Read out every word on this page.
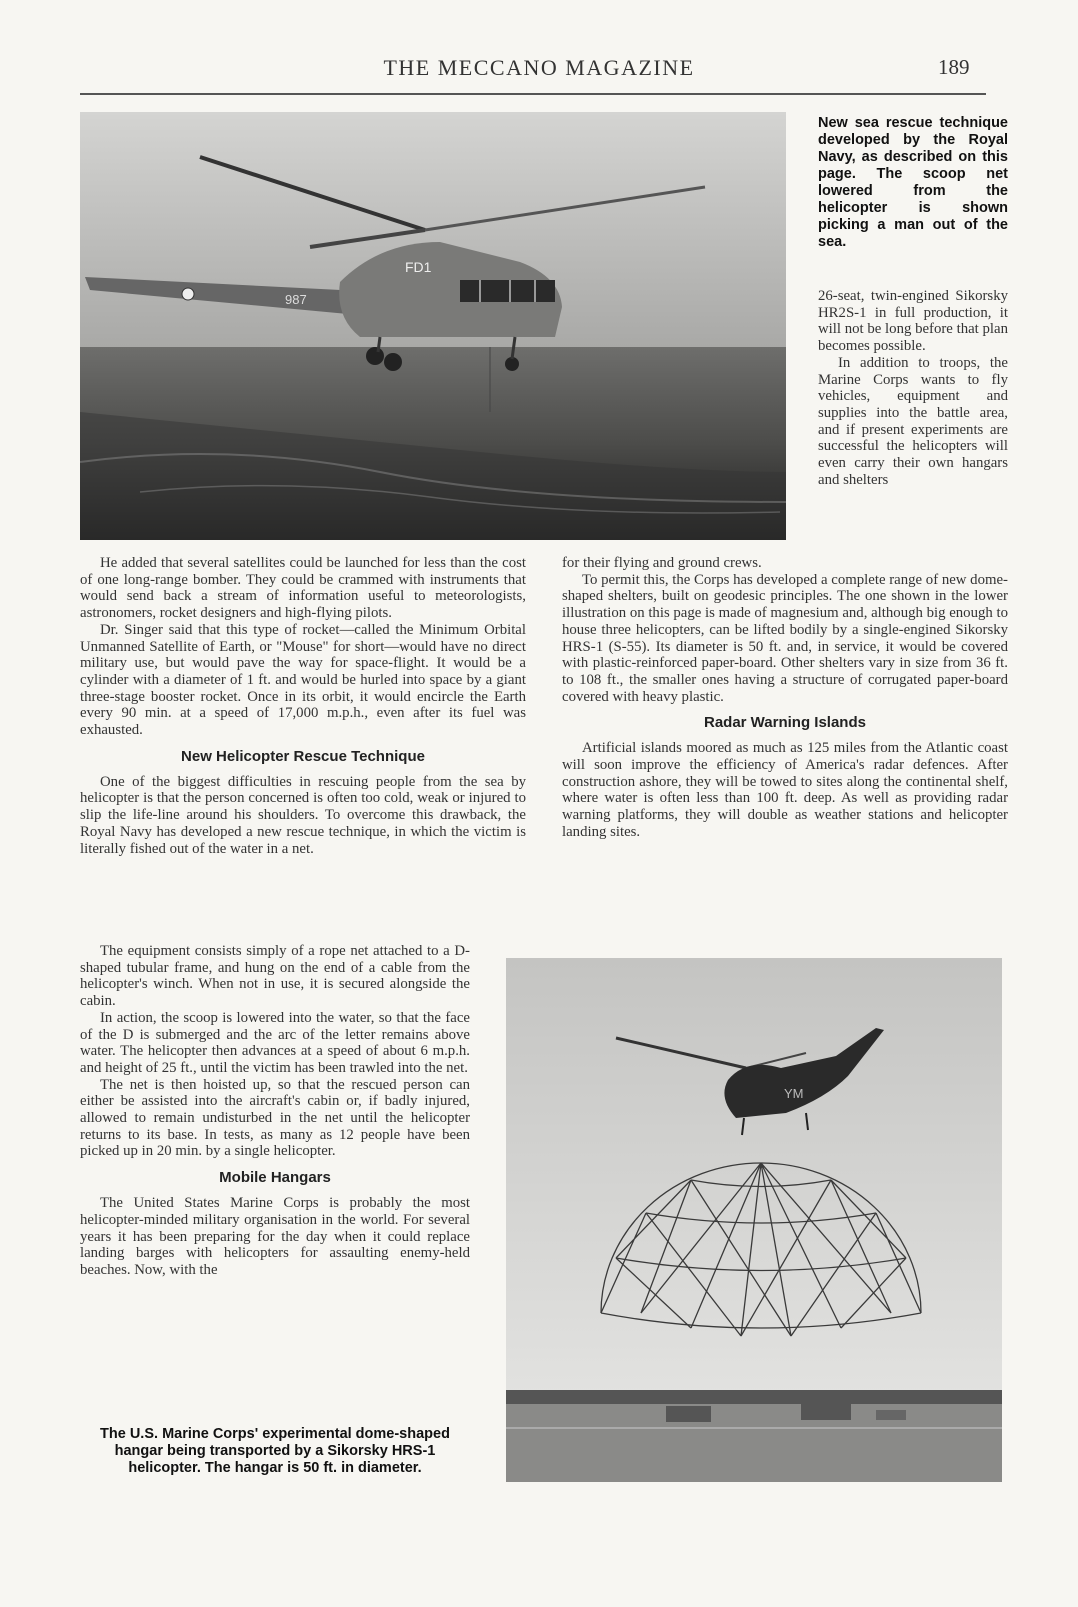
THE MECCANO MAGAZINE	189
FD1
987
New sea rescue technique developed by the Royal Navy, as described on this page. The scoop net lowered from the helicopter is shown picking a man out of the sea.

26-seat, twin-engined Sikorsky HR2S-1 in full production, it will not be long before that plan becomes possible.

In addition to troops, the Marine Corps wants to fly vehicles, equipment and supplies into the battle area, and if present experiments are successful the helicopters will even carry their own hangars and shelters

for their flying and ground crews.

To permit this, the Corps has developed a complete range of new dome-shaped shelters, built on geodesic principles. The one shown in the lower illustration on this page is made of magnesium and, although big enough to house three helicopters, can be lifted bodily by a single-engined Sikorsky HRS-1 (S-55). Its diameter is 50 ft. and, in service, it would be covered with plastic-reinforced paper-board. Other shelters vary in size from 36 ft. to 108 ft., the smaller ones having a structure of corrugated paper-board covered with heavy plastic.

Radar Warning Islands

Artificial islands moored as much as 125 miles from the Atlantic coast will soon improve the efficiency of America's radar defences. After construction ashore, they will be towed to sites along the continental shelf, where water is often less than 100 ft. deep. As well as providing radar warning platforms, they will double as weather stations and helicopter landing sites.

He added that several satellites could be launched for less than the cost of one long-range bomber. They could be crammed with instruments that would send back a stream of information useful to meteorologists, astronomers, rocket designers and high-flying pilots.

Dr. Singer said that this type of rocket—called the Minimum Orbital Unmanned Satellite of Earth, or "Mouse" for short—would have no direct military use, but would pave the way for space-flight. It would be a cylinder with a diameter of 1 ft. and would be hurled into space by a giant three-stage booster rocket. Once in its orbit, it would encircle the Earth every 90 min. at a speed of 17,000 m.p.h., even after its fuel was exhausted.

New Helicopter Rescue Technique

One of the biggest difficulties in rescuing people from the sea by helicopter is that the person concerned is often too cold, weak or injured to slip the life-line around his shoulders. To overcome this drawback, the Royal Navy has developed a new rescue technique, in which the victim is literally fished out of the water in a net.

The equipment consists simply of a rope net attached to a D-shaped tubular frame, and hung on the end of a cable from the helicopter's winch. When not in use, it is secured alongside the cabin.

In action, the scoop is lowered into the water, so that the face of the D is submerged and the arc of the letter remains above water. The helicopter then advances at a speed of about 6 m.p.h. and height of 25 ft., until the victim has been trawled into the net.

The net is then hoisted up, so that the rescued person can either be assisted into the aircraft's cabin or, if badly injured, allowed to remain undisturbed in the net until the helicopter returns to its base. In tests, as many as 12 people have been picked up in 20 min. by a single helicopter.

Mobile Hangars

The United States Marine Corps is probably the most helicopter-minded military organisation in the world. For several years it has been preparing for the day when it could replace landing barges with helicopters for assaulting enemy-held beaches. Now, with the

YM
The U.S. Marine Corps' experimental dome-shaped hangar being transported by a Sikorsky HRS-1 helicopter. The hangar is 50 ft. in diameter.
